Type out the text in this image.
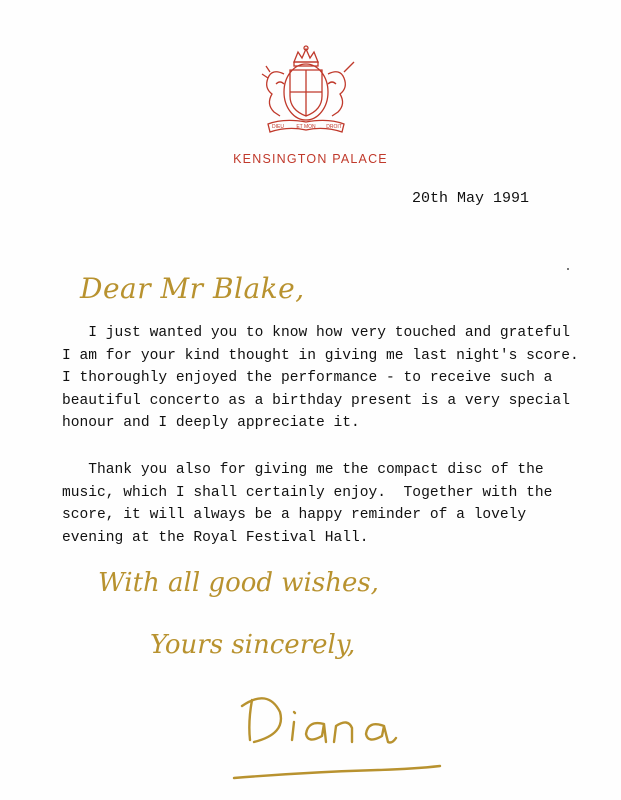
DIEU ET MON DROIT
KENSINGTON PALACE
20th May 1991
Dear Mr Blake,
I just wanted you to know how very touched and grateful
I am for your kind thought in giving me last night's score.
I thoroughly enjoyed the performance - to receive such a
beautiful concerto as a birthday present is a very special
honour and I deeply appreciate it.
Thank you also for giving me the compact disc of the
music, which I shall certainly enjoy.  Together with the
score, it will always be a happy reminder of a lovely
evening at the Royal Festival Hall.
With all good wishes,
Yours sincerely,
